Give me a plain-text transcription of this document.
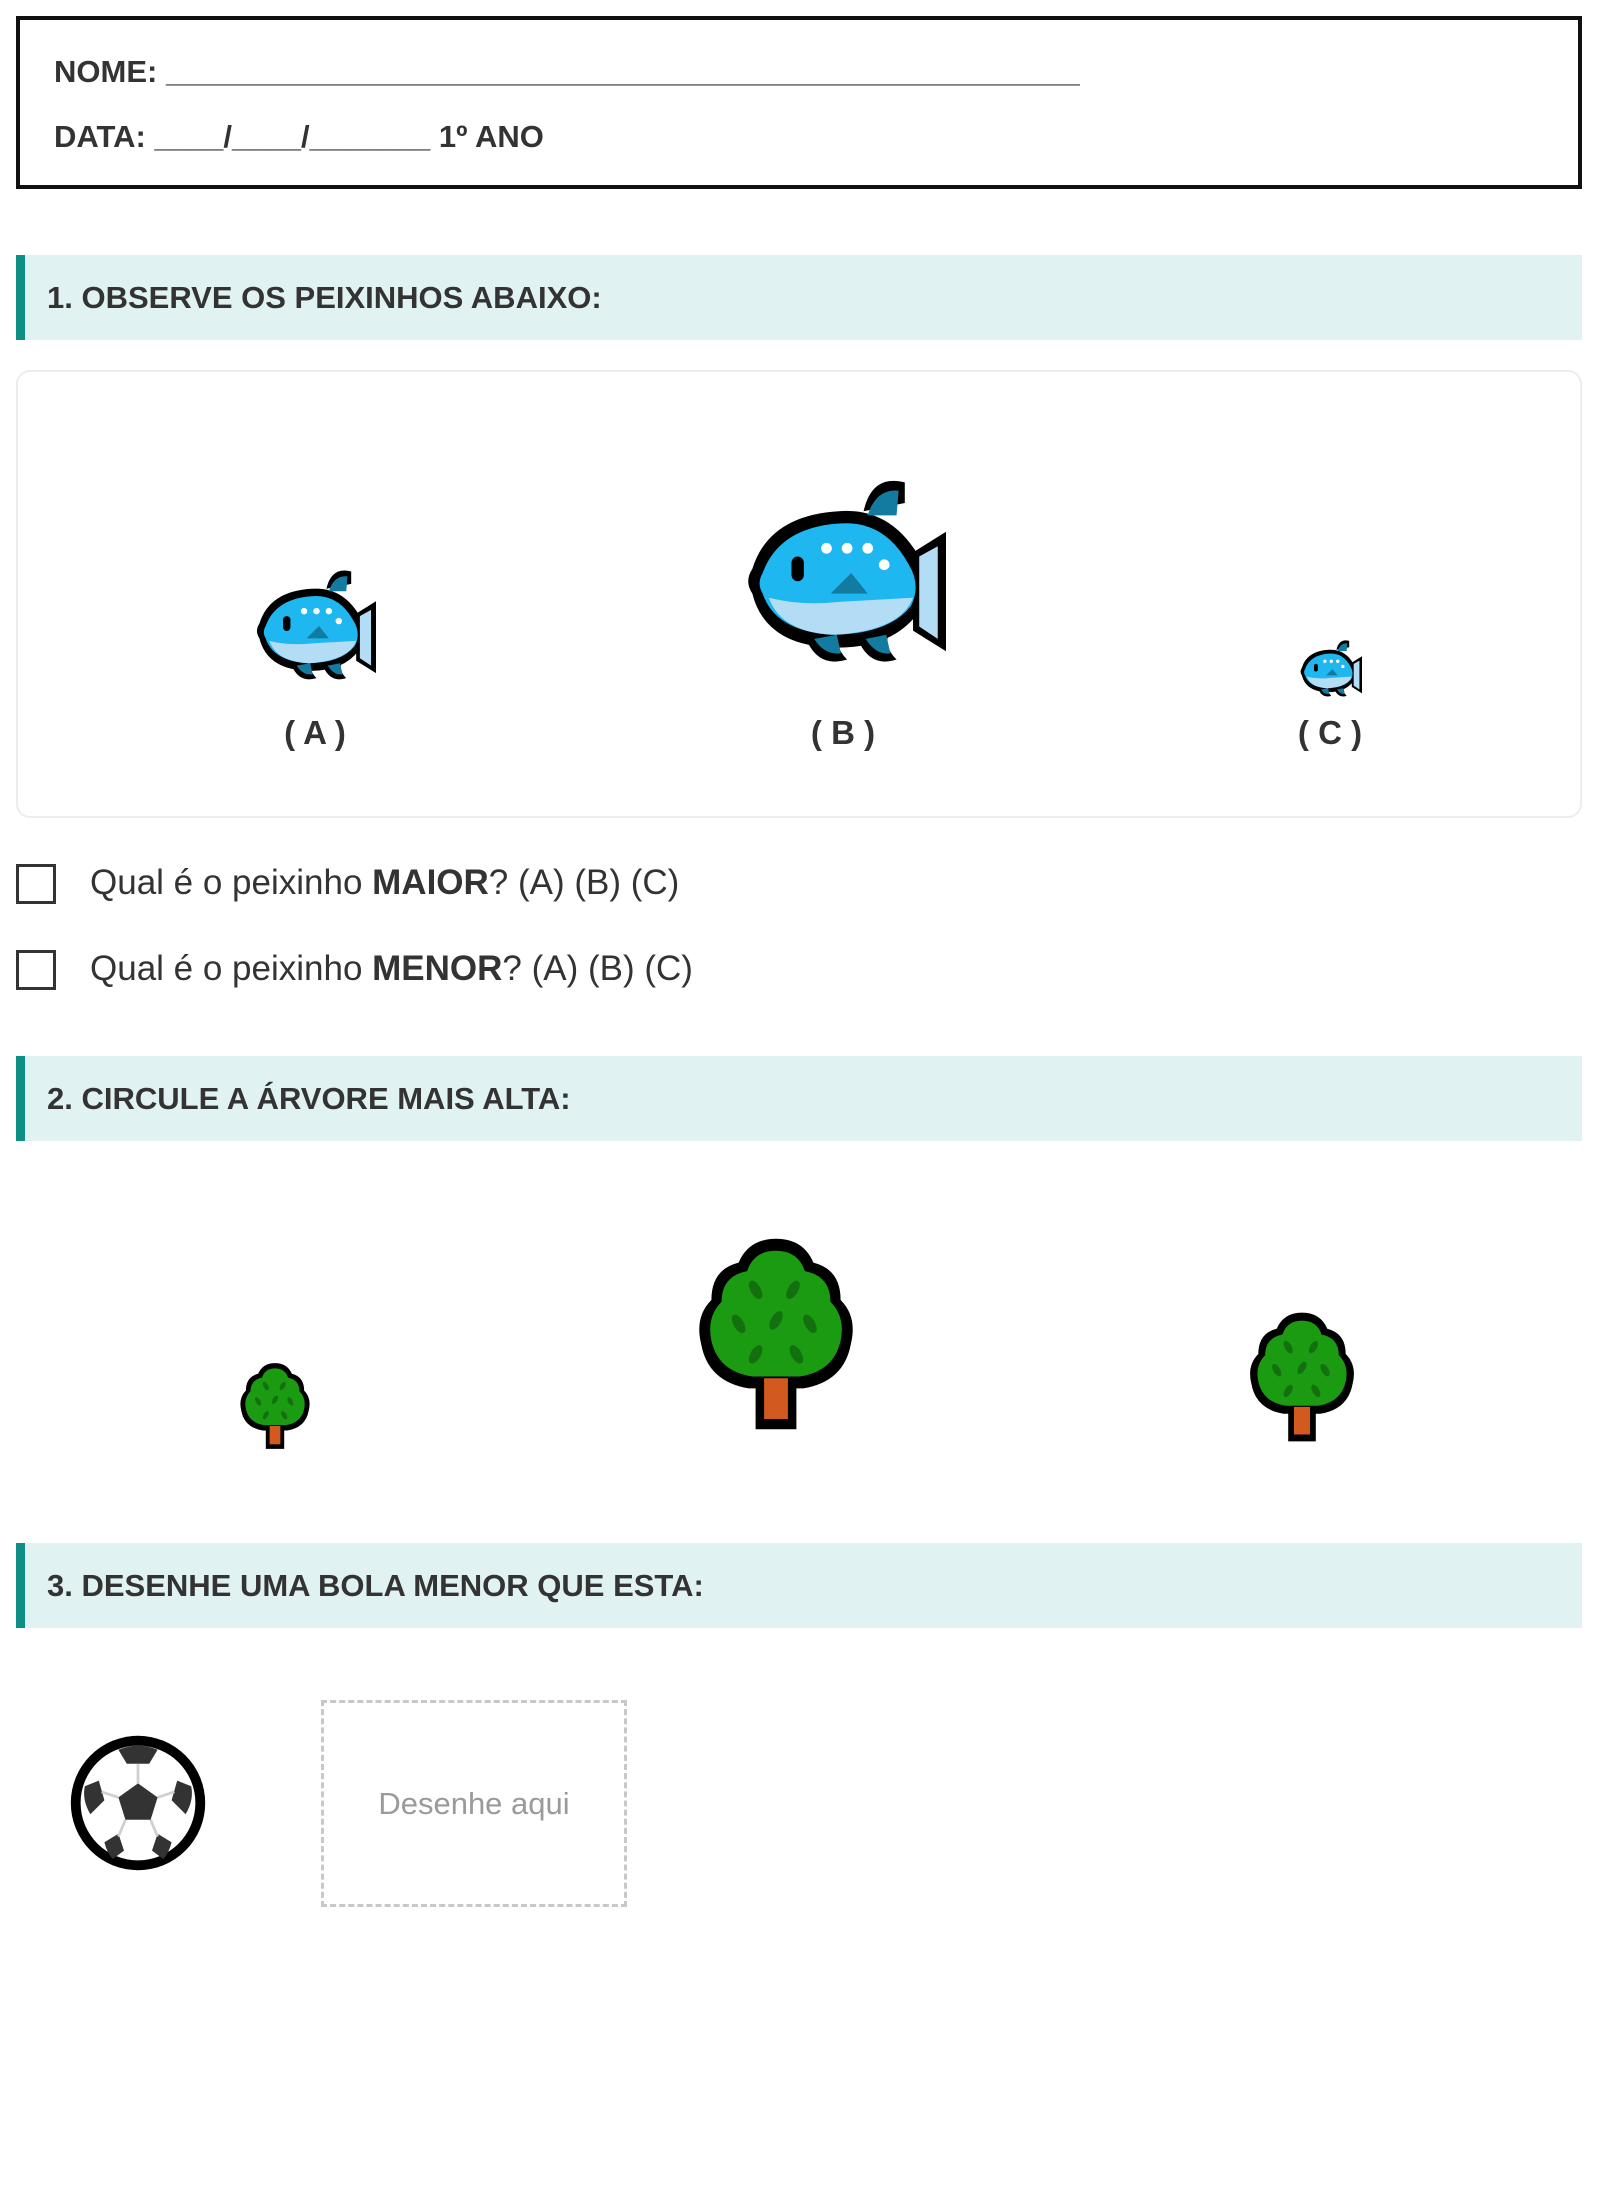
NOME: _____________________________________________________
DATA: ____/____/_______ 1º ANO
1. OBSERVE OS PEIXINHOS ABAIXO:
( A )	( B )	( C )
Qual é o peixinho MAIOR? (A) (B) (C)
Qual é o peixinho MENOR? (A) (B) (C)
2. CIRCULE A ÁRVORE MAIS ALTA:
3. DESENHE UMA BOLA MENOR QUE ESTA:
Desenhe aqui
